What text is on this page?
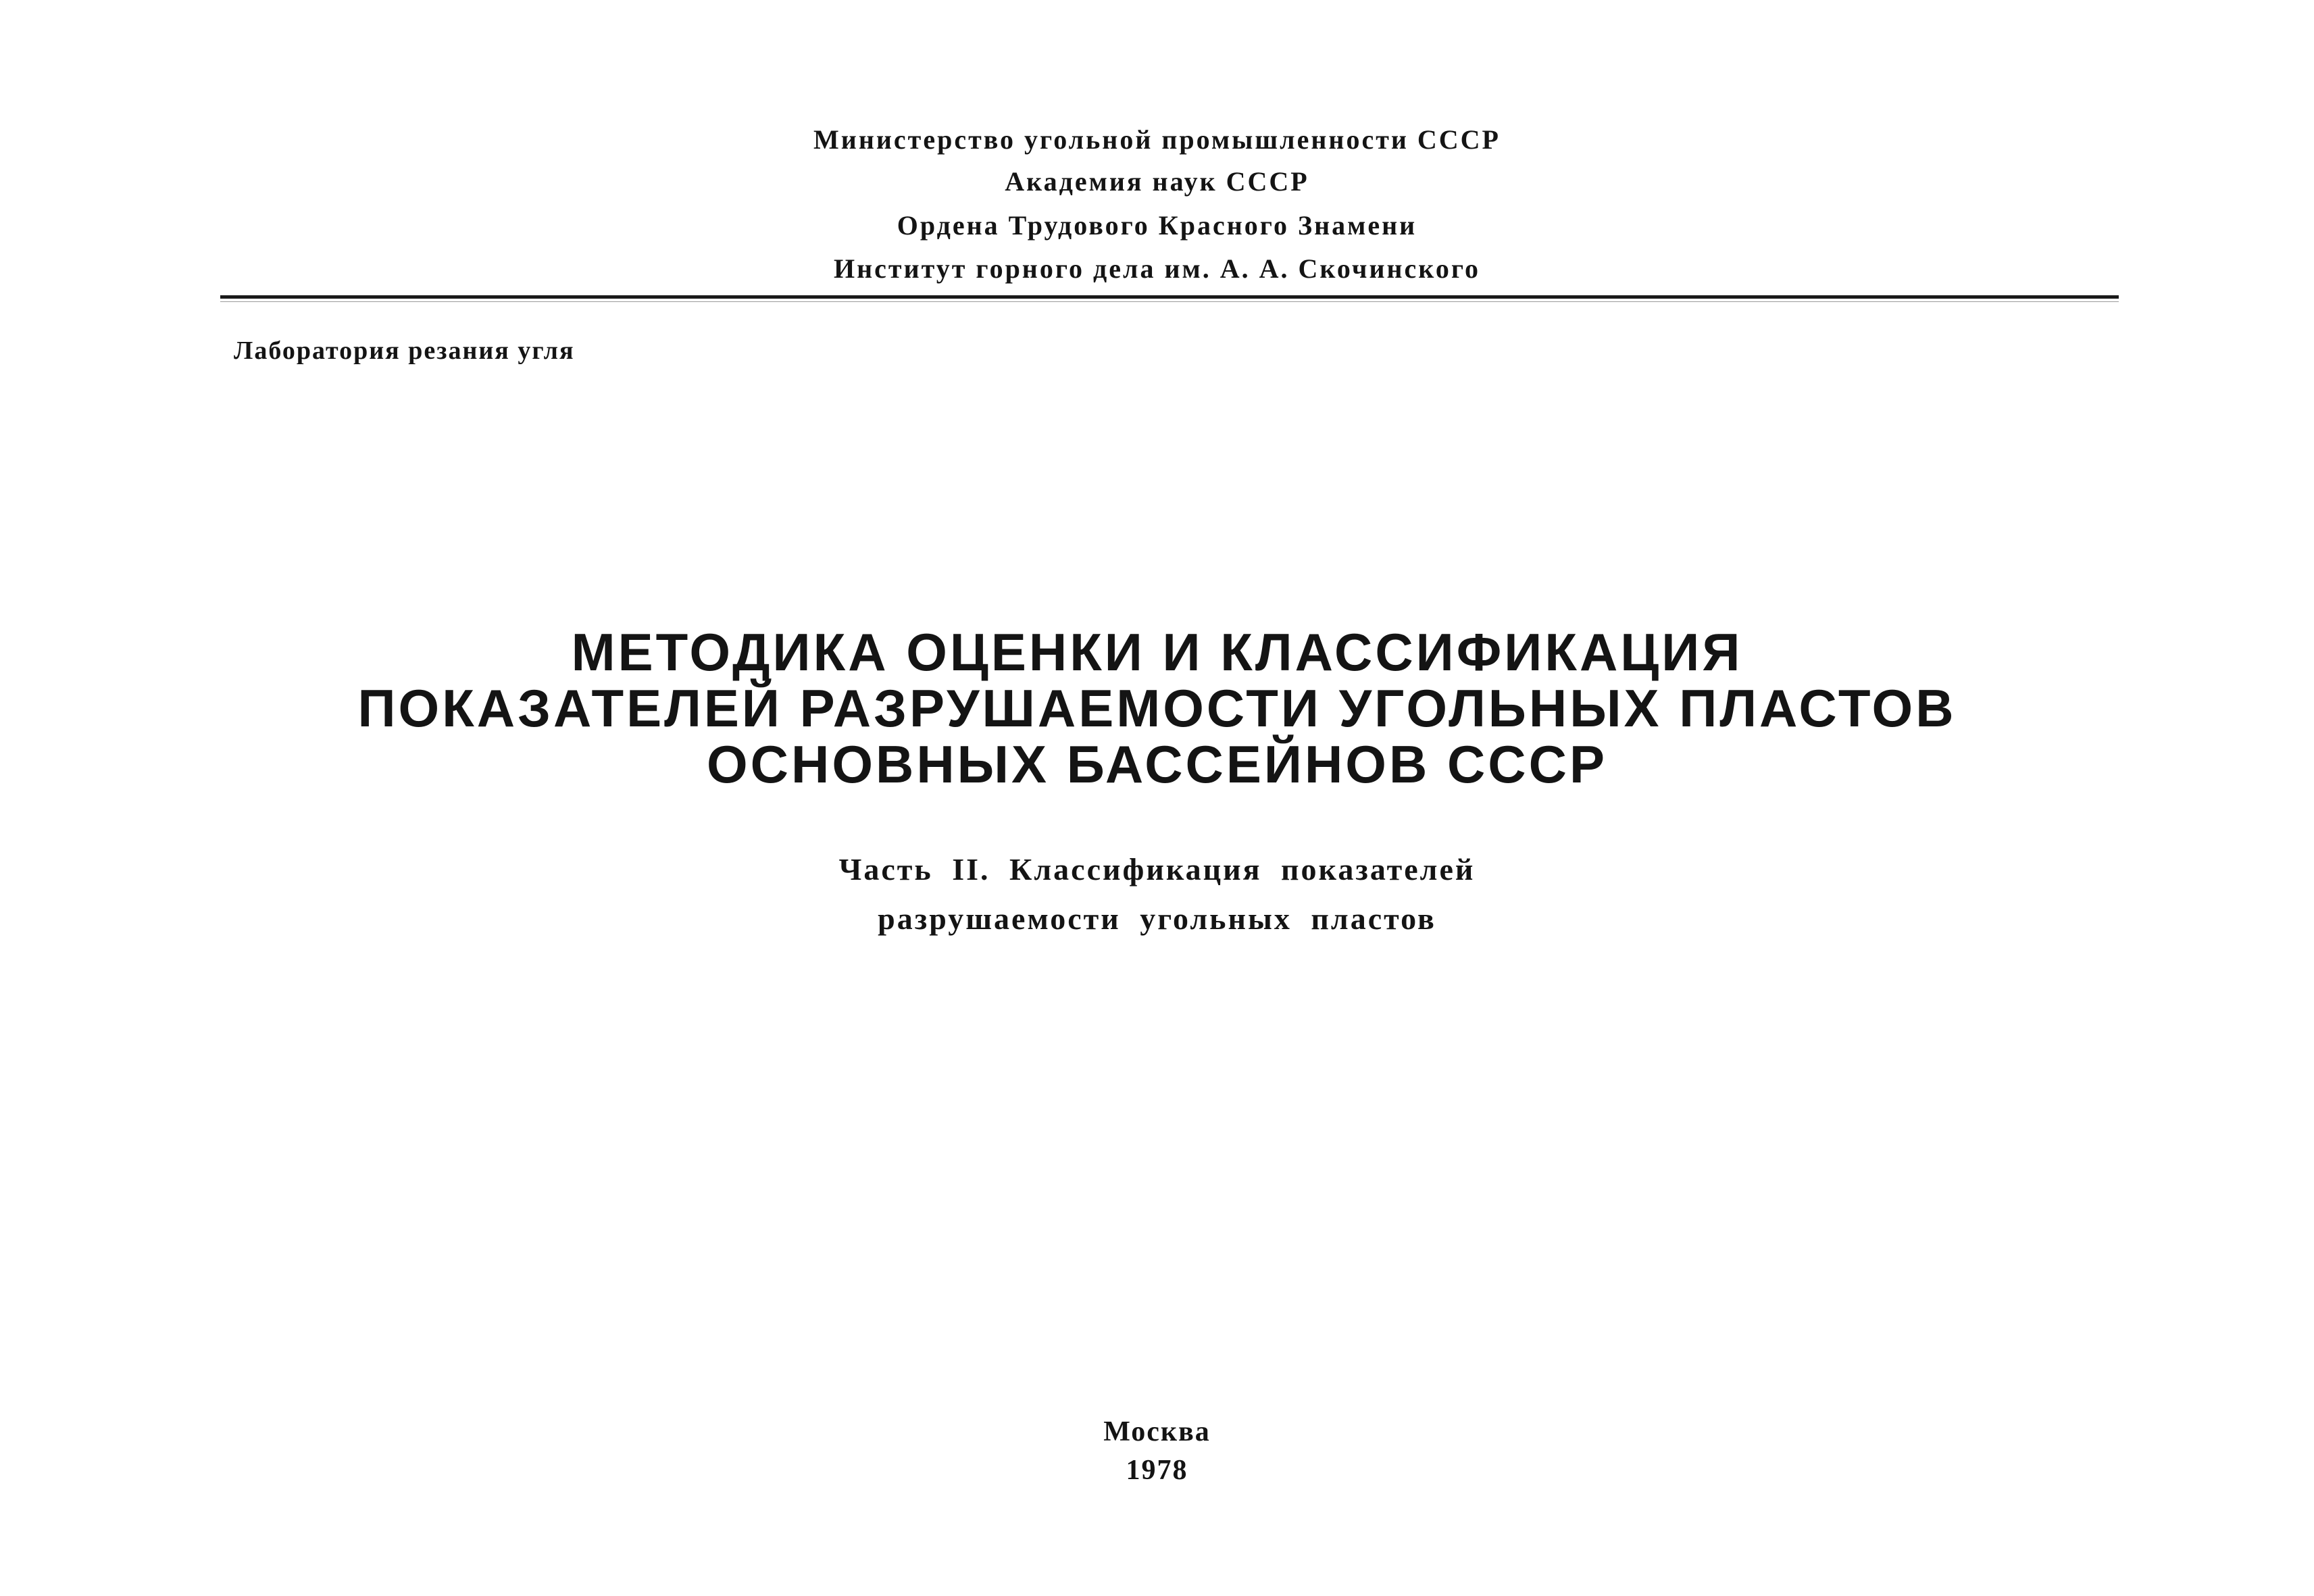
Министерство угольной промышленности СССР
Академия наук СССР
Ордена Трудового Красного Знамени
Институт горного дела им. А. А. Скочинского
Лаборатория резания угля
МЕТОДИКА ОЦЕНКИ И КЛАССИФИКАЦИЯ
ПОКАЗАТЕЛЕЙ РАЗРУШАЕМОСТИ УГОЛЬНЫХ ПЛАСТОВ
ОСНОВНЫХ БАССЕЙНОВ СССР
Часть II. Классификация показателей
разрушаемости угольных пластов
Москва
1978
